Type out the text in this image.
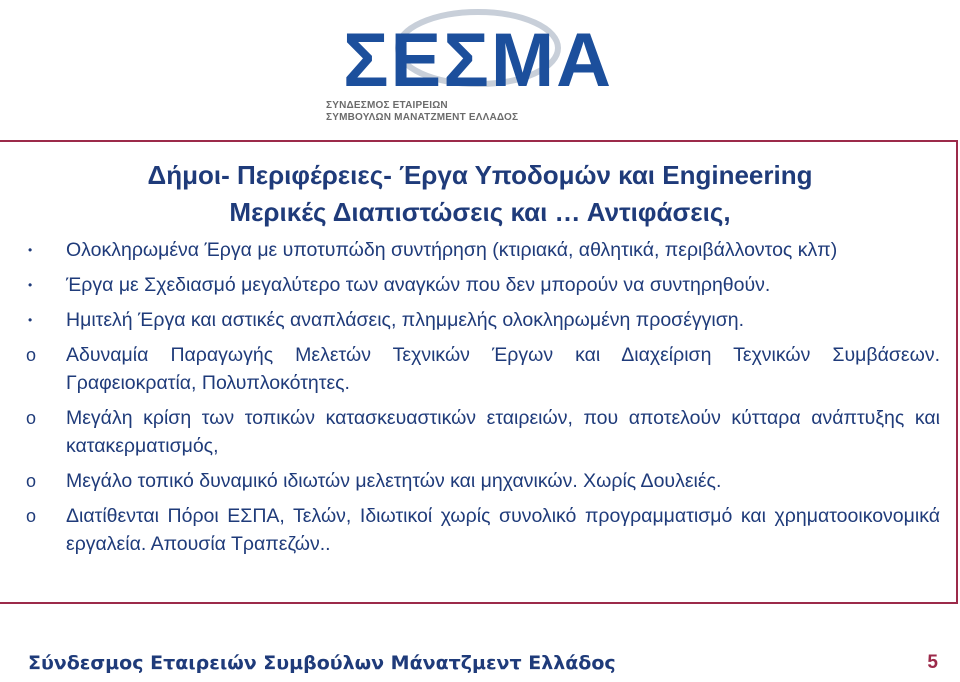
ΣΕΣΜΑ
ΣΥΝΔΕΣΜΟΣ ΕΤΑΙΡΕΙΩΝ
ΣΥΜΒΟΥΛΩΝ ΜΑΝΑΤΖΜΕΝΤ ΕΛΛΑΔΟΣ
Δήμοι- Περιφέρειες- Έργα Υποδομών και Engineering
Μερικές Διαπιστώσεις και … Αντιφάσεις,
• Ολοκληρωμένα Έργα με υποτυπώδη συντήρηση (κτιριακά, αθλητικά, περιβάλλοντος κλπ)
• Έργα με Σχεδιασμό μεγαλύτερο των αναγκών που δεν μπορούν να συντηρηθούν.
• Ημιτελή Έργα και αστικές αναπλάσεις, πλημμελής ολοκληρωμένη προσέγγιση.
o Αδυναμία Παραγωγής Μελετών Τεχνικών Έργων και Διαχείριση Τεχνικών Συμβάσεων. Γραφειοκρατία, Πολυπλοκότητες.
o Μεγάλη κρίση των τοπικών κατασκευαστικών εταιρειών, που αποτελούν κύτταρα ανάπτυξης και κατακερματισμός,
o Μεγάλο τοπικό δυναμικό ιδιωτών μελετητών και μηχανικών. Χωρίς Δουλειές.
o Διατίθενται Πόροι ΕΣΠΑ, Τελών, Ιδιωτικοί χωρίς συνολικό προγραμματισμό και χρηματοοικονομικά εργαλεία. Απουσία Τραπεζών..
Σύνδεσμος Εταιρειών Συμβούλων Μάνατζμεντ Ελλάδος	5
